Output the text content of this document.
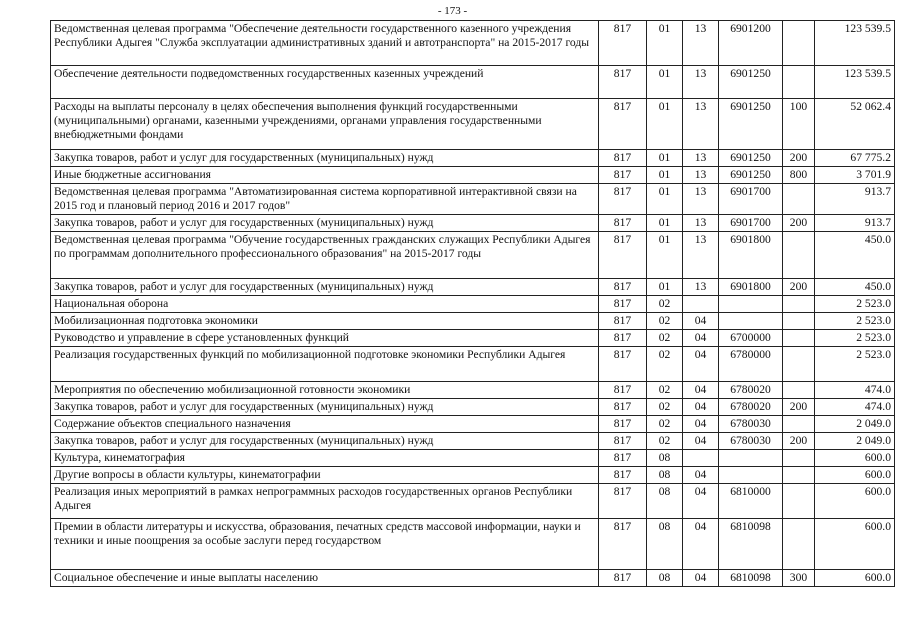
- 173 -
Ведомственная целевая программа "Обеспечение деятельности государственного казенного учреждения Республики Адыгея "Служба эксплуатации административных зданий и автотранспорта" на 2015-2017 годы	817	01	13	6901200		123 539.5
Обеспечение деятельности подведомственных государственных казенных учреждений	817	01	13	6901250		123 539.5
Расходы на выплаты персоналу в целях обеспечения выполнения функций государственными (муниципальными) органами, казенными учреждениями, органами управления государственными внебюджетными фондами	817	01	13	6901250	100	52 062.4
Закупка товаров, работ и услуг для государственных (муниципальных) нужд	817	01	13	6901250	200	67 775.2
Иные бюджетные ассигнования	817	01	13	6901250	800	3 701.9
Ведомственная целевая программа "Автоматизированная система корпоративной интерактивной связи на 2015 год и плановый период 2016 и 2017 годов"	817	01	13	6901700		913.7
Закупка товаров, работ и услуг для государственных (муниципальных) нужд	817	01	13	6901700	200	913.7
Ведомственная целевая программа "Обучение государственных гражданских служащих Республики Адыгея по программам дополнительного профессионального образования" на 2015-2017 годы	817	01	13	6901800		450.0
Закупка товаров, работ и услуг для государственных (муниципальных) нужд	817	01	13	6901800	200	450.0
Национальная оборона	817	02				2 523.0
Мобилизационная подготовка экономики	817	02	04			2 523.0
Руководство и управление в сфере установленных функций	817	02	04	6700000		2 523.0
Реализация государственных функций по мобилизационной подготовке экономики Республики Адыгея	817	02	04	6780000		2 523.0
Мероприятия по обеспечению мобилизационной готовности экономики	817	02	04	6780020		474.0
Закупка товаров, работ и услуг для государственных (муниципальных) нужд	817	02	04	6780020	200	474.0
Содержание объектов специального назначения	817	02	04	6780030		2 049.0
Закупка товаров, работ и услуг для государственных (муниципальных) нужд	817	02	04	6780030	200	2 049.0
Культура, кинематография	817	08				600.0
Другие вопросы в области культуры, кинематографии	817	08	04			600.0
Реализация иных мероприятий в рамках непрограммных расходов государственных органов Республики Адыгея	817	08	04	6810000		600.0
Премии в области литературы и искусства, образования, печатных средств массовой информации, науки и техники и иные поощрения за особые заслуги перед государством	817	08	04	6810098		600.0
Социальное обеспечение и иные выплаты населению	817	08	04	6810098	300	600.0
